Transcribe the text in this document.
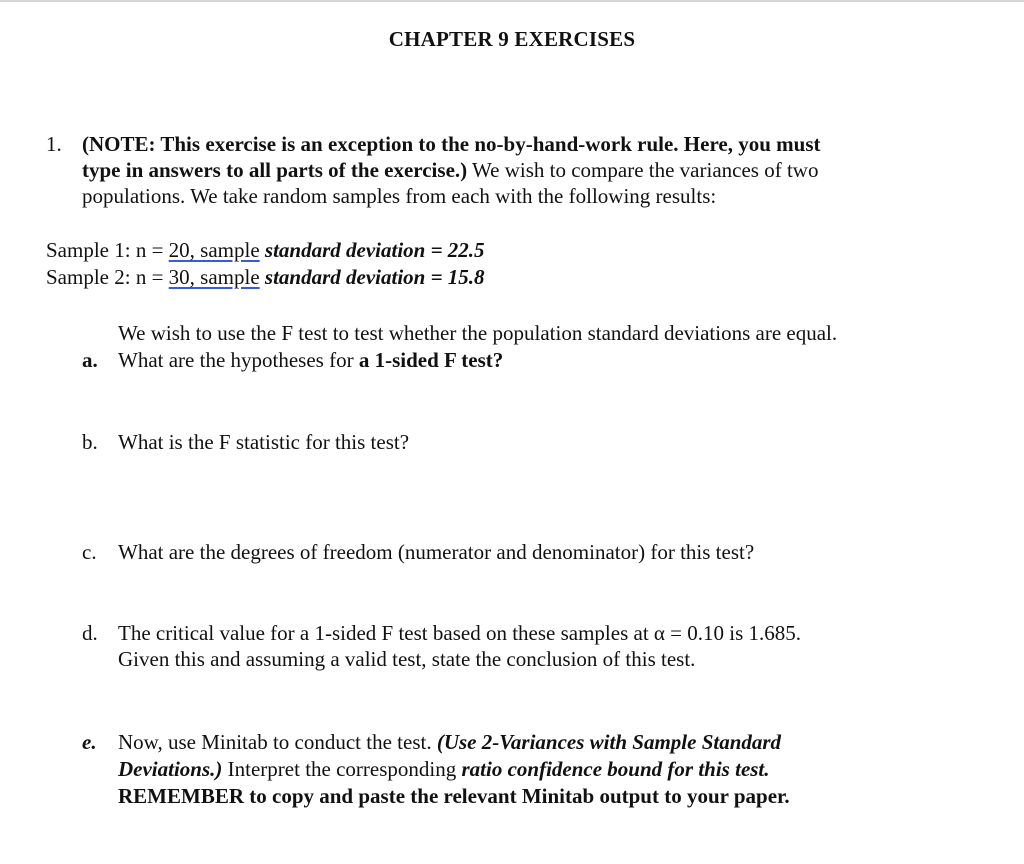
CHAPTER 9 EXERCISES
1. (NOTE: This exercise is an exception to the no-by-hand-work rule. Here, you must
type in answers to all parts of the exercise.) We wish to compare the variances of two
populations. We take random samples from each with the following results:
Sample 1: n = 20, sample standard deviation = 22.5
Sample 2: n = 30, sample standard deviation = 15.8
We wish to use the F test to test whether the population standard deviations are equal.
a. What are the hypotheses for a 1-sided F test?
b. What is the F statistic for this test?
c. What are the degrees of freedom (numerator and denominator) for this test?
d. The critical value for a 1-sided F test based on these samples at α = 0.10 is 1.685.
Given this and assuming a valid test, state the conclusion of this test.
e. Now, use Minitab to conduct the test. (Use 2-Variances with Sample Standard
Deviations.) Interpret the corresponding ratio confidence bound for this test.
REMEMBER to copy and paste the relevant Minitab output to your paper.
